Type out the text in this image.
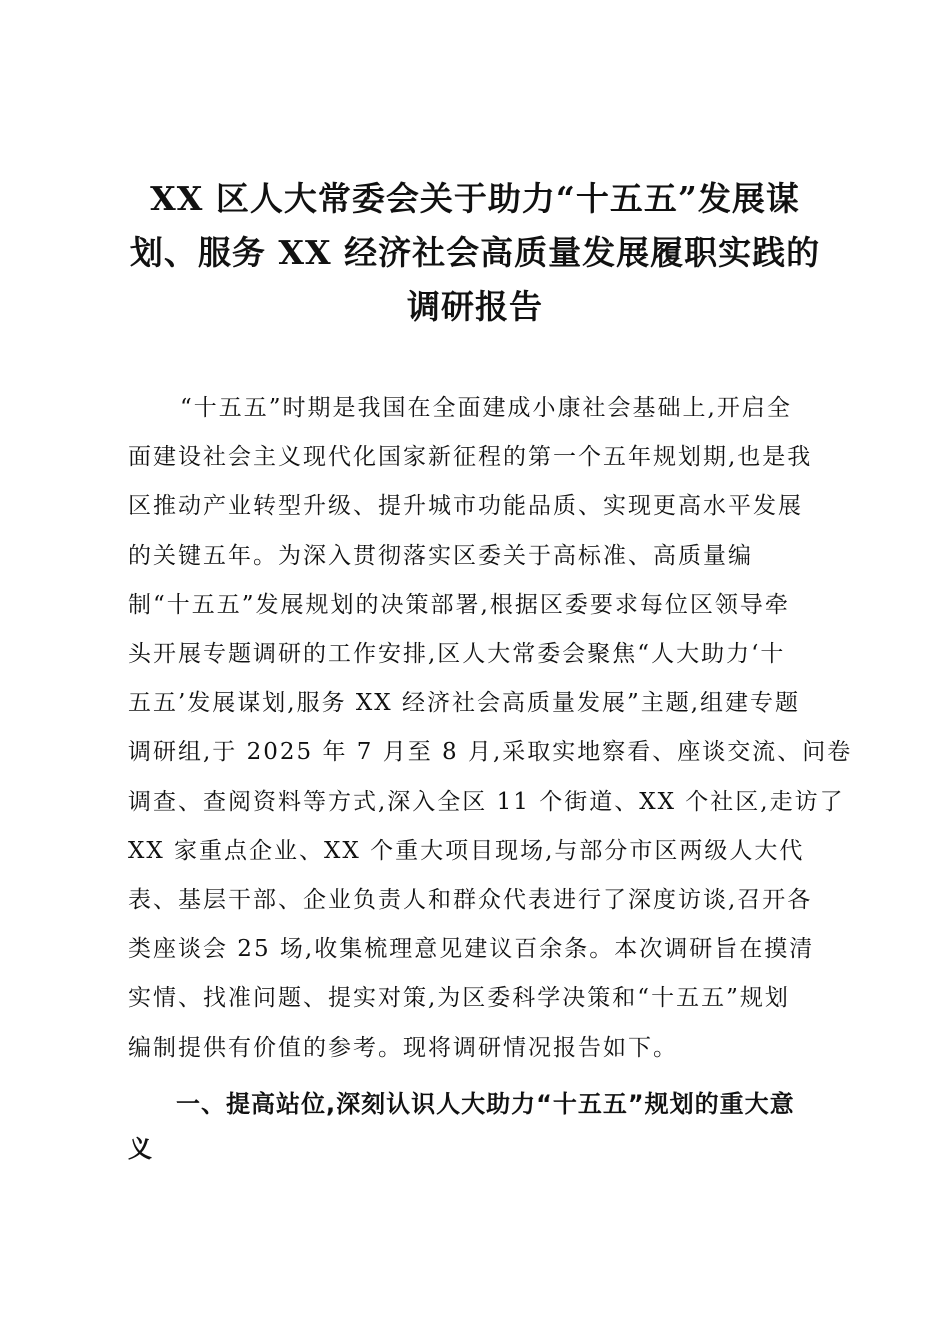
XX 区人大常委会关于助力“十五五”发展谋
划、服务 XX 经济社会高质量发展履职实践的
调研报告
“十五五”时期是我国在全面建成小康社会基础上,开启全
面建设社会主义现代化国家新征程的第一个五年规划期,也是我
区推动产业转型升级、提升城市功能品质、实现更高水平发展
的关键五年。为深入贯彻落实区委关于高标准、高质量编
制“十五五”发展规划的决策部署,根据区委要求每位区领导牵
头开展专题调研的工作安排,区人大常委会聚焦“人大助力‘十
五五’发展谋划,服务 XX 经济社会高质量发展”主题,组建专题
调研组,于 2025 年 7 月至 8 月,采取实地察看、座谈交流、问卷
调查、查阅资料等方式,深入全区 11 个街道、XX 个社区,走访了
XX 家重点企业、XX 个重大项目现场,与部分市区两级人大代
表、基层干部、企业负责人和群众代表进行了深度访谈,召开各
类座谈会 25 场,收集梳理意见建议百余条。本次调研旨在摸清
实情、找准问题、提实对策,为区委科学决策和“十五五”规划
编制提供有价值的参考。现将调研情况报告如下。
一、提高站位,深刻认识人大助力“十五五”规划的重大意
义
